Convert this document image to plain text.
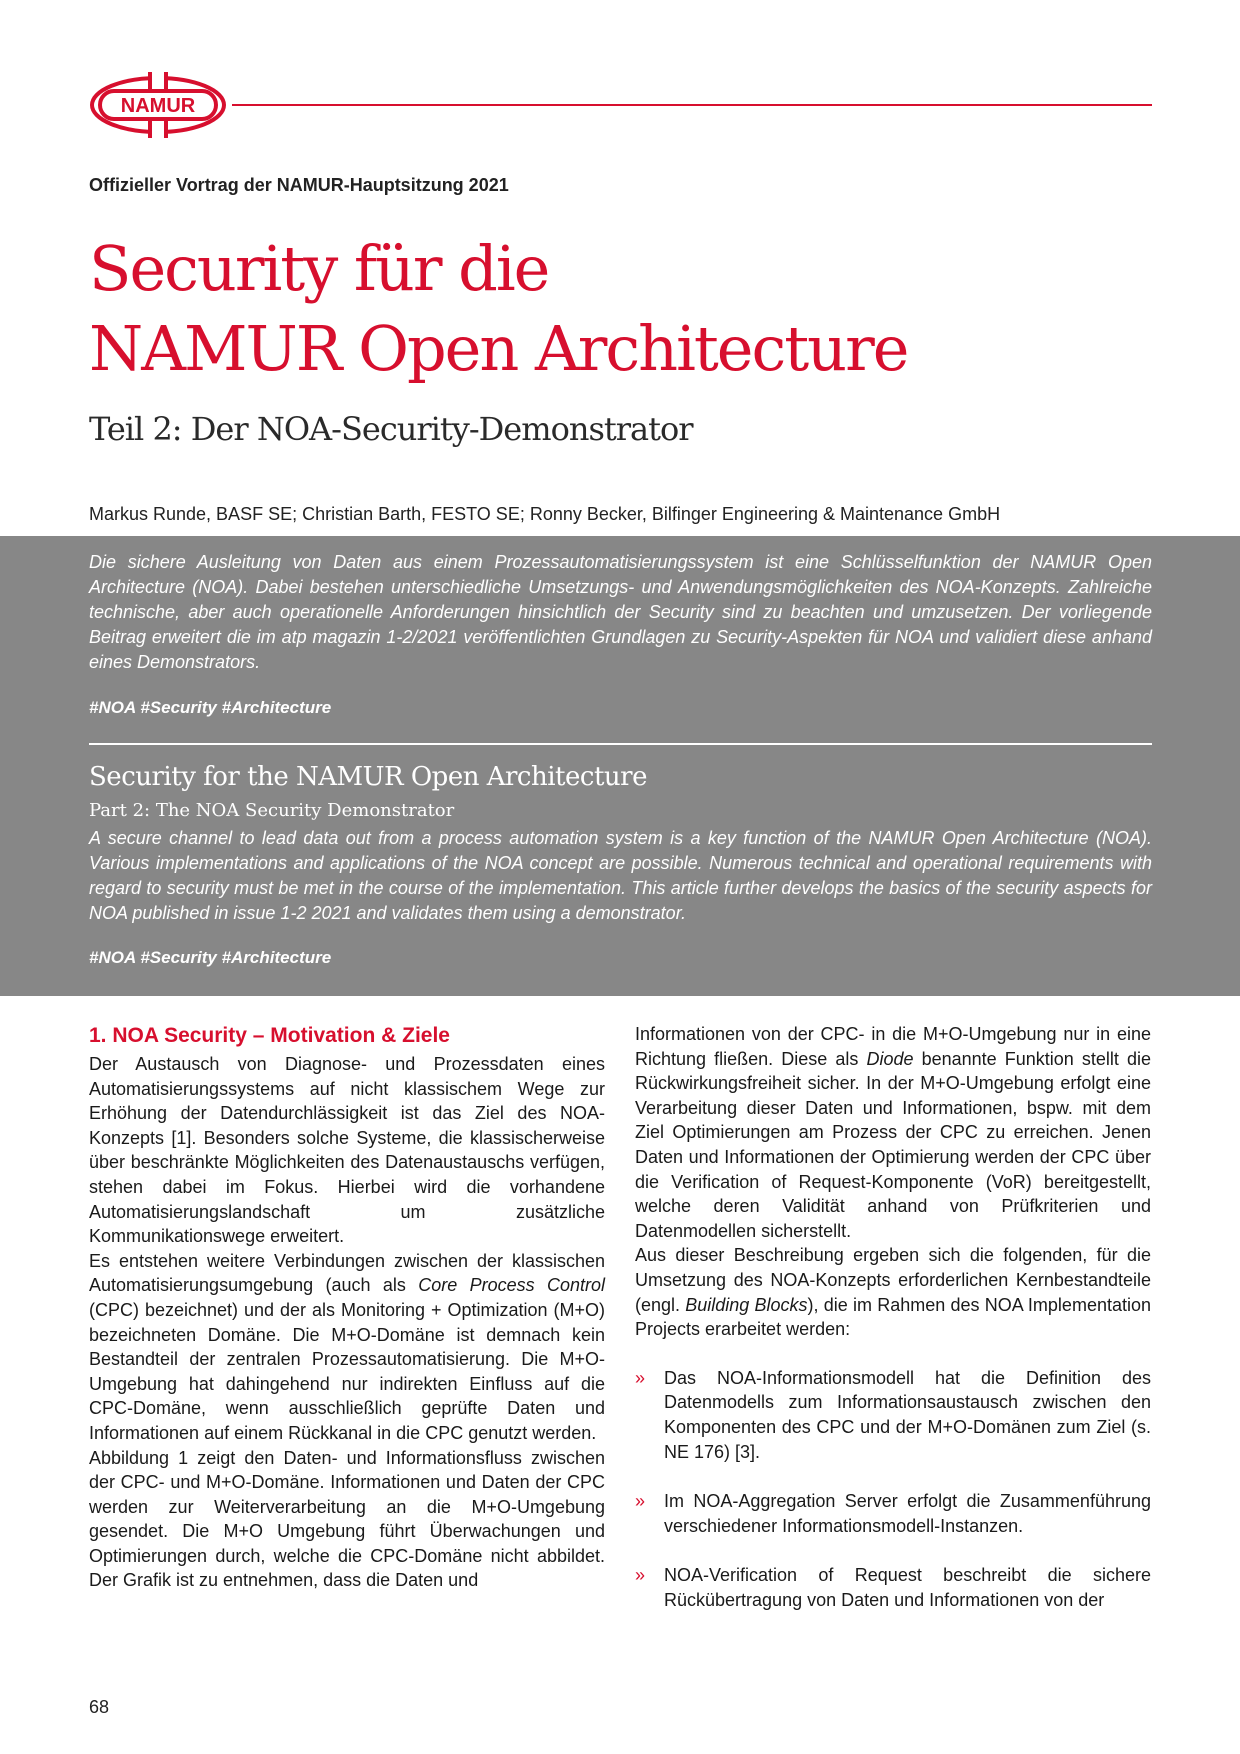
NAMUR
Offizieller Vortrag der NAMUR-Hauptsitzung 2021
Security für die
NAMUR Open Architecture
Teil 2: Der NOA-Security-Demonstrator
Markus Runde, BASF SE; Christian Barth, FESTO SE; Ronny Becker, Bilfinger Engineering & Maintenance GmbH
Die sichere Ausleitung von Daten aus einem Prozessautomatisierungssystem ist eine Schlüsselfunktion der NAMUR Open Architecture (NOA). Dabei bestehen unterschiedliche Umsetzungs- und Anwendungsmöglichkeiten des NOA-Konzepts. Zahlreiche technische, aber auch operationelle Anforderungen hinsichtlich der Security sind zu beachten und umzusetzen. Der vorliegende Beitrag erweitert die im atp magazin 1-2/2021 veröffentlichten Grundlagen zu Security-Aspekten für NOA und validiert diese anhand eines Demonstrators.
#NOA #Security #Architecture
Security for the NAMUR Open Architecture
Part 2: The NOA Security Demonstrator
A secure channel to lead data out from a process automation system is a key function of the NAMUR Open Architecture (NOA). Various implementations and applications of the NOA concept are possible. Numerous technical and operational requirements with regard to security must be met in the course of the implementation. This article further develops the basics of the security aspects for NOA published in issue 1-2 2021 and validates them using a demonstrator.
#NOA #Security #Architecture
1. NOA Security – Motivation & Ziele

Der Austausch von Diagnose- und Prozessdaten eines Automatisierungssystems auf nicht klassischem Wege zur Erhöhung der Datendurchlässigkeit ist das Ziel des NOA-Konzepts [1]. Besonders solche Systeme, die klassischerweise über beschränkte Möglichkeiten des Datenaustauschs verfügen, stehen dabei im Fokus. Hierbei wird die vorhandene Automatisierungslandschaft um zusätzliche Kommunikationswege erweitert.

Es entstehen weitere Verbindungen zwischen der klassischen Automatisierungsumgebung (auch als Core Process Control (CPC) bezeichnet) und der als Monitoring + Optimization (M+O) bezeichneten Domäne. Die M+O-Domäne ist demnach kein Bestandteil der zentralen Prozessautomatisierung. Die M+O-Umgebung hat dahingehend nur indirekten Einfluss auf die CPC-Domäne, wenn ausschließlich geprüfte Daten und Informationen auf einem Rückkanal in die CPC genutzt werden.

Abbildung 1 zeigt den Daten- und Informationsfluss zwischen der CPC- und M+O-Domäne. Informationen und Daten der CPC werden zur Weiterverarbeitung an die M+O-Umgebung gesendet. Die M+O Umgebung führt Überwachungen und Optimierungen durch, welche die CPC-Domäne nicht abbildet. Der Grafik ist zu entnehmen, dass die Daten und

Informationen von der CPC- in die M+O-Umgebung nur in eine Richtung fließen. Diese als Diode benannte Funktion stellt die Rückwirkungsfreiheit sicher. In der M+O-Umgebung erfolgt eine Verarbeitung dieser Daten und Informationen, bspw. mit dem Ziel Optimierungen am Prozess der CPC zu erreichen. Jenen Daten und Informationen der Optimierung werden der CPC über die Verification of Request-Komponente (VoR) bereitgestellt, welche deren Validität anhand von Prüfkriterien und Datenmodellen sicherstellt.

Aus dieser Beschreibung ergeben sich die folgenden, für die Umsetzung des NOA-Konzepts erforderlichen Kernbestandteile (engl. Building Blocks), die im Rahmen des NOA Implementation Projects erarbeitet werden:

» Das NOA-Informationsmodell hat die Definition des Datenmodells zum Informationsaustausch zwischen den Komponenten des CPC und der M+O-Domänen zum Ziel (s. NE 176) [3].
» Im NOA-Aggregation Server erfolgt die Zusammenführung verschiedener Informationsmodell-Instanzen.
» NOA-Verification of Request beschreibt die sichere Rückübertragung von Daten und Informationen von der
68
